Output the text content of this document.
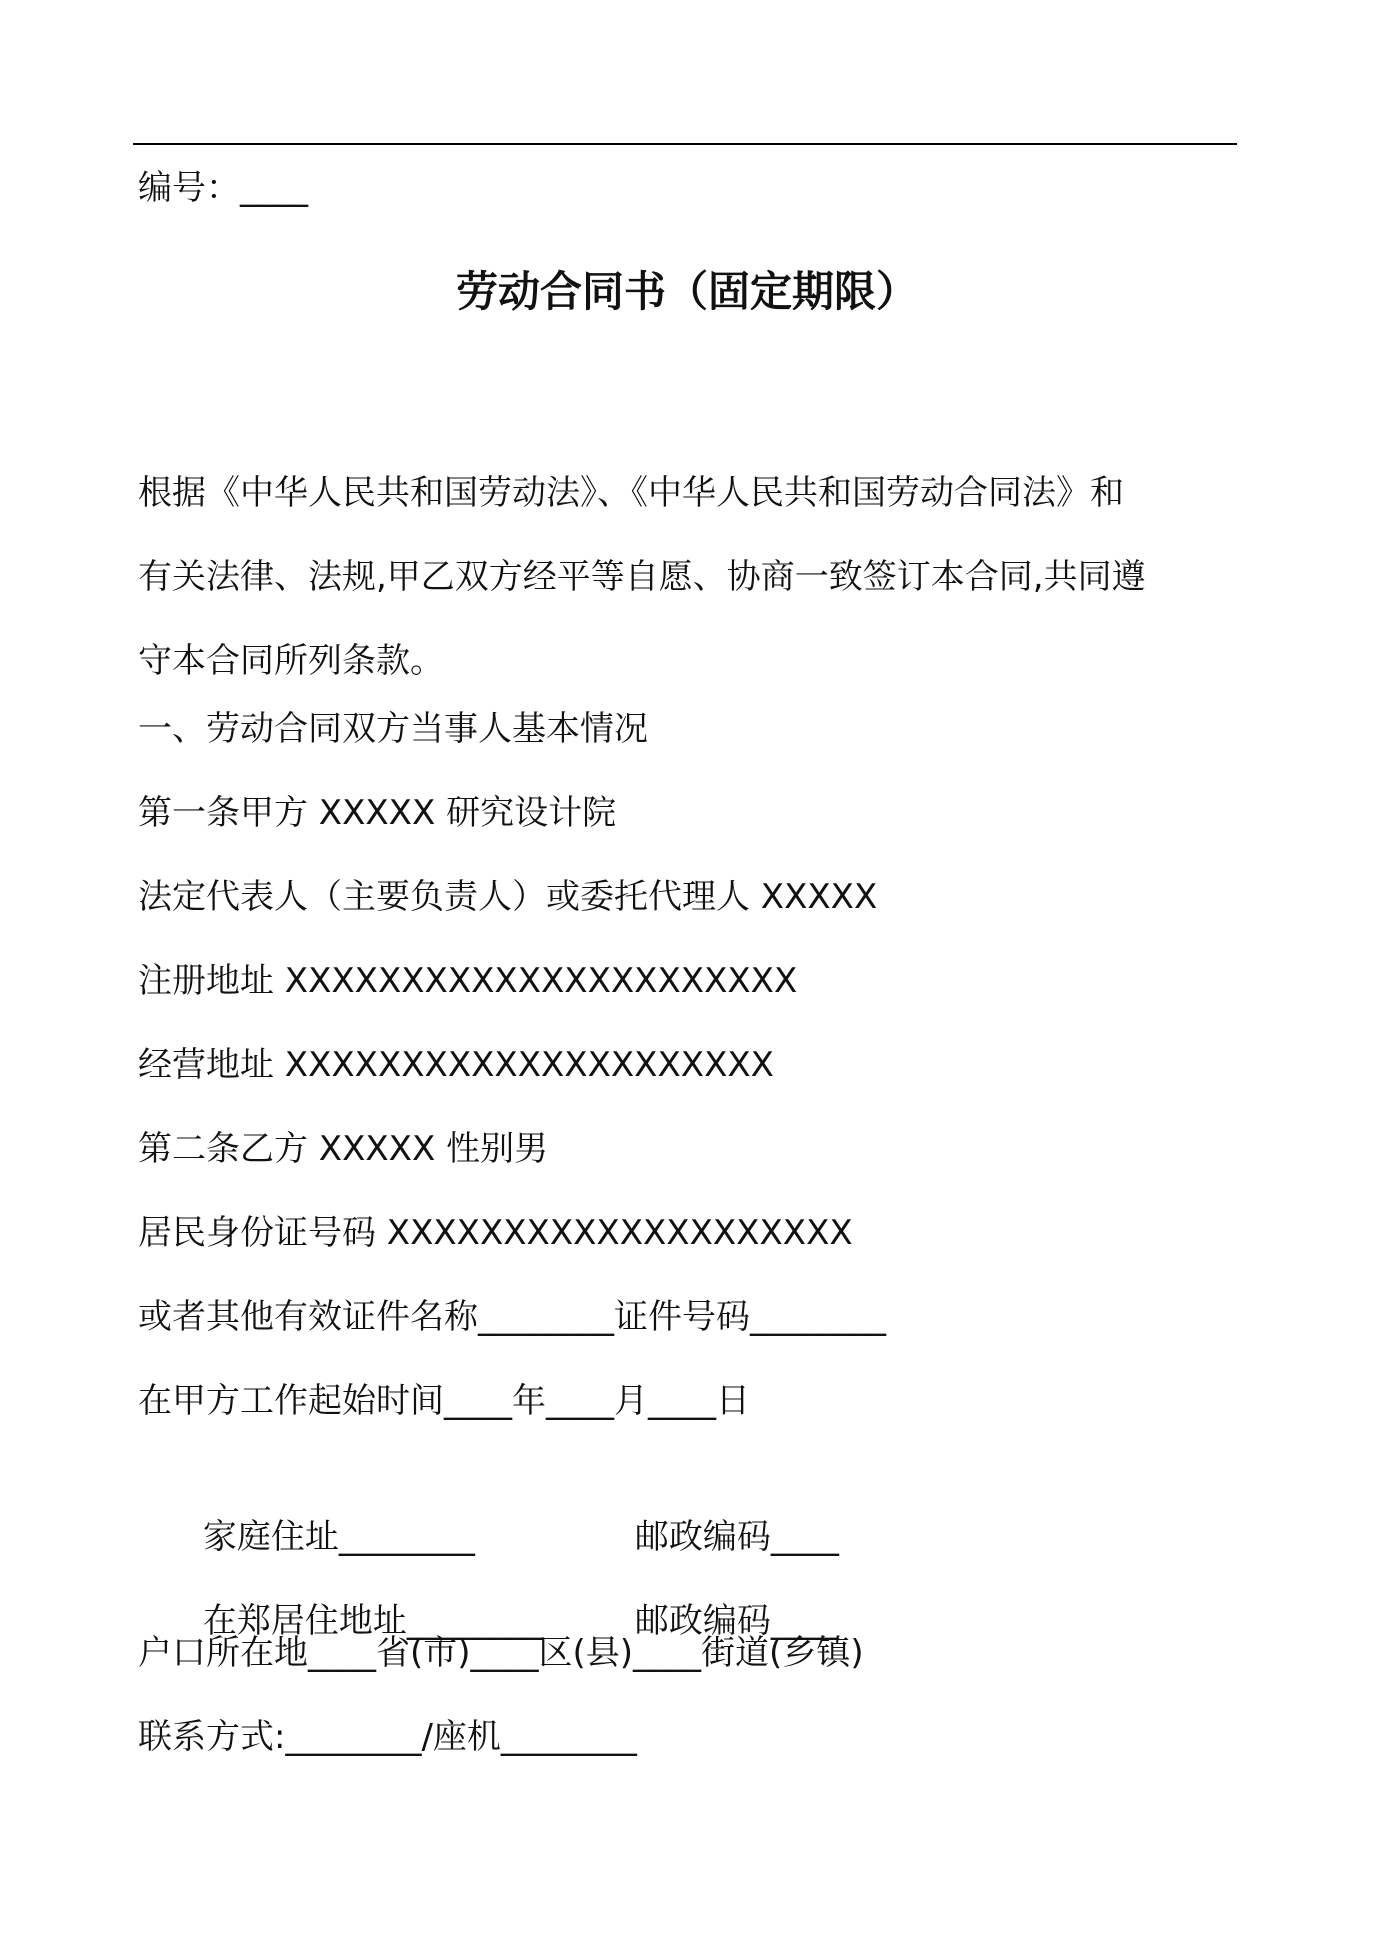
编号：____
劳动合同书（固定期限）
根据《中华人民共和国劳动法》、《中华人民共和国劳动合同法》和
有关法律、法规,甲乙双方经平等自愿、协商一致签订本合同,共同遵
守本合同所列条款。
一、劳动合同双方当事人基本情况
第一条甲方 XXXXX 研究设计院
法定代表人（主要负责人）或委托代理人 XXXXX
注册地址 XXXXXXXXXXXXXXXXXXXXXX
经营地址 XXXXXXXXXXXXXXXXXXXXX
第二条乙方 XXXXX 性别男
居民身份证号码 XXXXXXXXXXXXXXXXXXXX
或者其他有效证件名称________证件号码________
在甲方工作起始时间____年____月____日

家庭住址________	邮政编码____

在郑居住地址________	邮政编码____

户口所在地____省(市)____区(县)____街道(乡镇)
联系方式:________/座机________
